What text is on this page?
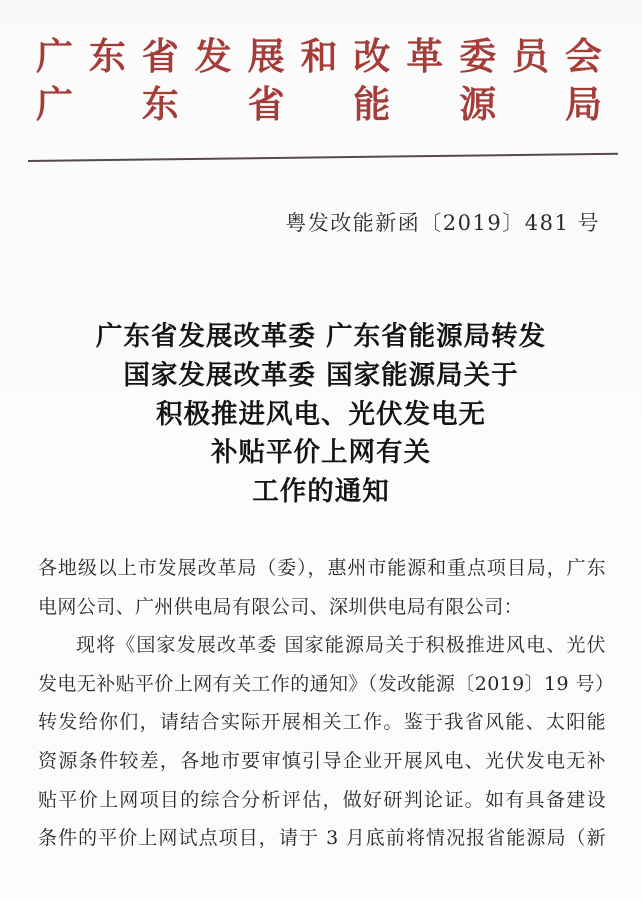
广 东 省 发 展 和 改 革 委 员 会
广 东 省 能 源 局
粤发改能新函〔2019〕481 号
广东省发展改革委 广东省能源局转发
国家发展改革委 国家能源局关于
积极推进风电、光伏发电无
补贴平价上网有关
工作的通知
各地级以上市发展改革局（委），惠州市能源和重点项目局，广东
电网公司、广州供电局有限公司、深圳供电局有限公司：
现将《国家发展改革委 国家能源局关于积极推进风电、光伏
发电无补贴平价上网有关工作的通知》（发改能源〔2019〕19 号）
转发给你们，请结合实际开展相关工作。鉴于我省风能、太阳能
资源条件较差，各地市要审慎引导企业开展风电、光伏发电无补
贴平价上网项目的综合分析评估，做好研判论证。如有具备建设
条件的平价上网试点项目，请于 3 月底前将情况报省能源局（新
